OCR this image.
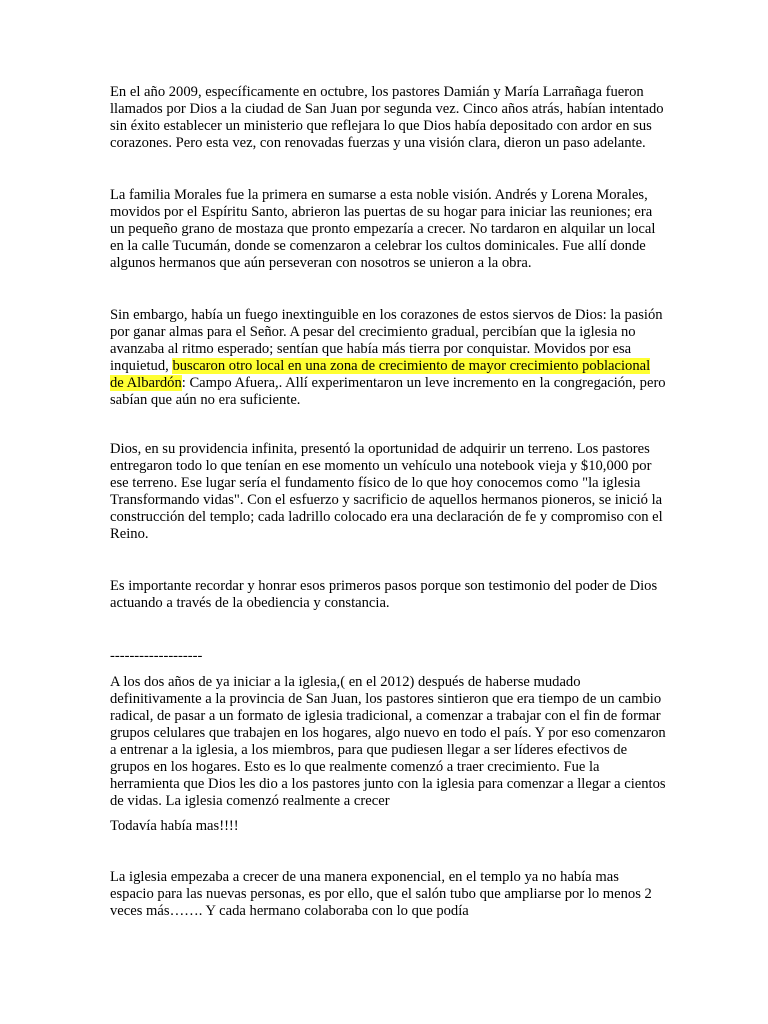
En el año 2009, específicamente en octubre, los pastores Damián y María Larrañaga fueron llamados por Dios a la ciudad de San Juan por segunda vez. Cinco años atrás, habían intentado sin éxito establecer un ministerio que reflejara lo que Dios había depositado con ardor en sus corazones. Pero esta vez, con renovadas fuerzas y una visión clara, dieron un paso adelante.

La familia Morales fue la primera en sumarse a esta noble visión. Andrés y Lorena Morales, movidos por el Espíritu Santo, abrieron las puertas de su hogar para iniciar las reuniones; era un pequeño grano de mostaza que pronto empezaría a crecer. No tardaron en alquilar un local en la calle Tucumán, donde se comenzaron a celebrar los cultos dominicales. Fue allí donde algunos hermanos que aún perseveran con nosotros se unieron a la obra.

Sin embargo, había un fuego inextinguible en los corazones de estos siervos de Dios: la pasión por ganar almas para el Señor. A pesar del crecimiento gradual, percibían que la iglesia no avanzaba al ritmo esperado; sentían que había más tierra por conquistar. Movidos por esa inquietud, buscaron otro local en una zona de crecimiento de mayor crecimiento poblacional de Albardón: Campo Afuera,. Allí experimentaron un leve incremento en la congregación, pero sabían que aún no era suficiente.

Dios, en su providencia infinita, presentó la oportunidad de adquirir un terreno. Los pastores entregaron todo lo que tenían en ese momento un vehículo una notebook vieja y $10,000 por ese terreno. Ese lugar sería el fundamento físico de lo que hoy conocemos como "la iglesia Transformando vidas". Con el esfuerzo y sacrificio de aquellos hermanos pioneros, se inició la construcción del templo; cada ladrillo colocado era una declaración de fe y compromiso con el Reino.

Es importante recordar y honrar esos primeros pasos porque son testimonio del poder de Dios actuando a través de la obediencia y constancia.

-------------------

A los dos años de ya iniciar a la iglesia,( en el 2012) después de haberse mudado definitivamente a la provincia de San Juan, los pastores sintieron que era tiempo de un cambio radical, de pasar a un formato de iglesia tradicional, a comenzar a trabajar con el fin de formar grupos celulares que trabajen en los hogares, algo nuevo en todo el país. Y por eso comenzaron a entrenar a la iglesia, a los miembros, para que pudiesen llegar a ser líderes efectivos de grupos en los hogares. Esto es lo que realmente comenzó a traer crecimiento. Fue la herramienta que Dios les dio a los pastores junto con la iglesia para comenzar a llegar a cientos de vidas. La iglesia comenzó realmente a crecer

Todavía había mas!!!!

La iglesia empezaba a crecer de una manera exponencial, en el templo ya no había mas espacio para las nuevas personas, es por ello, que el salón tubo que ampliarse por lo menos 2 veces más……. Y cada hermano colaboraba con lo que podía
